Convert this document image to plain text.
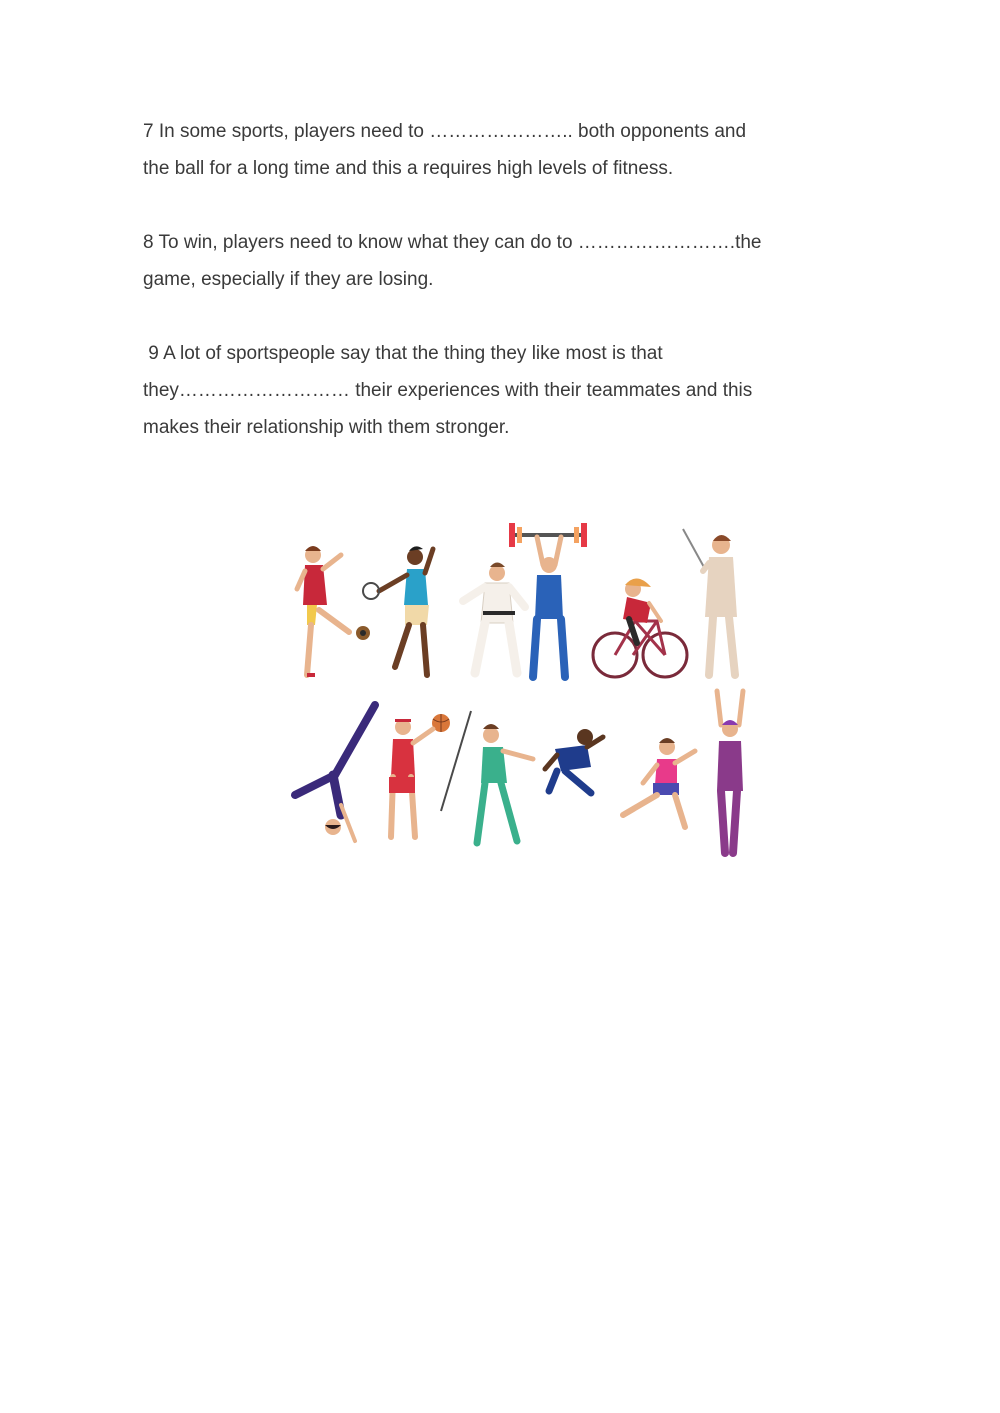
7 In some sports, players need to ………………….. both opponents and
the ball for a long time and this a requires high levels of fitness.

8 To win, players need to know what they can do to …………………….the
game, especially if they are losing.

9 A lot of sportspeople say that the thing they like most is that
they……………………… their experiences with their teammates and this
makes their relationship with them stronger.
